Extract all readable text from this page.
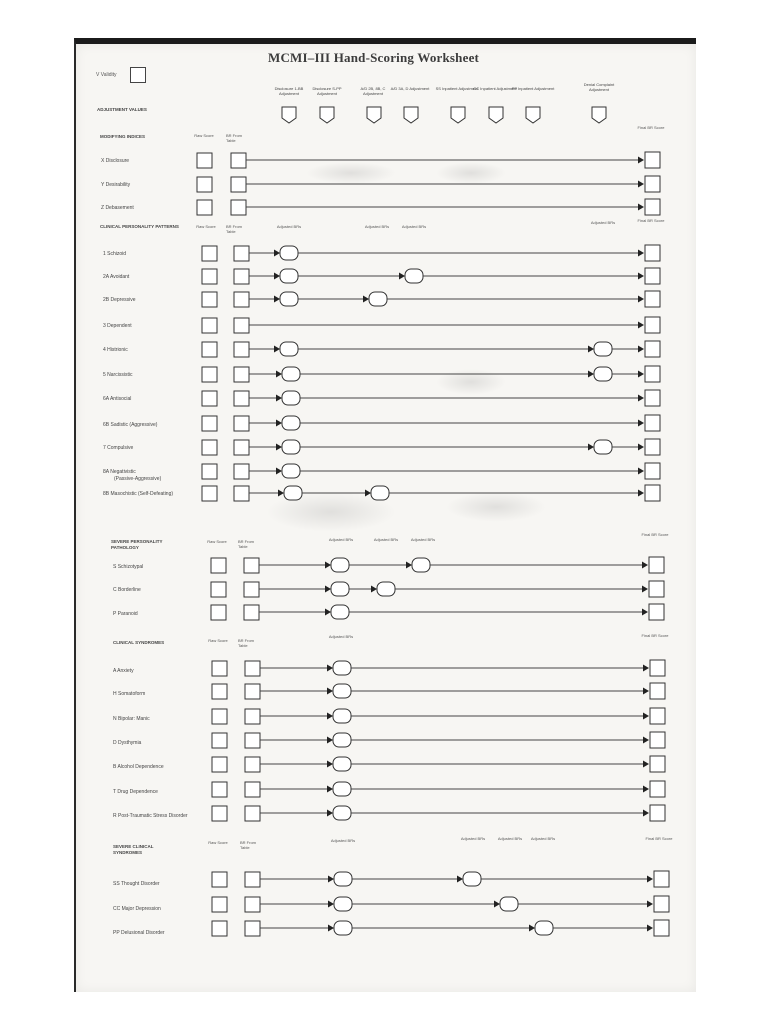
MCMI–III Hand-Scoring Worksheet
V Validity
ADJUSTMENT VALUES
Disclosure 1-BB Adjustment
Disclosure S-PP Adjustment
A/D 2B, 8B, C Adjustment
A/D 3A, D Adjustment	SS Inpatient Adjustment
CC Inpatient Adjustment
PP Inpatient Adjustment
Denial Complaint Adjustment
MODIFYING INDICES	Raw Score	BR From Table
Final BR Score
X Disclosure
Y Desirability
Z Debasement
CLINICAL PERSONALITY PATTERNS	Raw Score	BR From Table
Adjusted BRs	Adjusted BRs	Adjusted BRs
Adjusted BRs	Final BR Score
1 Schizoid
2A Avoidant
2B Depressive
3 Dependent
4 Histrionic
5 Narcissistic
6A Antisocial
6B Sadistic (Aggressive)
7 Compulsive
8A Negativistic
(Passive-Aggressive)
8B Masochistic (Self-Defeating)
SEVERE PERSONALITY PATHOLOGY
Raw Score	BR From Table
Adjusted BRs	Adjusted BRs	Adjusted BRs
Final BR Score
S Schizotypal
C Borderline
P Paranoid
CLINICAL SYNDROMES	Raw Score	BR From Table
Adjusted BRs	Final BR Score
A Anxiety
H Somatoform
N Bipolar: Manic
D Dysthymia
B Alcohol Dependence
T Drug Dependence
R Post-Traumatic Stress Disorder
SEVERE CLINICAL SYNDROMES
Raw Score	BR From Table
Adjusted BRs	Adjusted BRs	Adjusted BRs Adjusted BRs	Final BR Score
SS Thought Disorder
CC Major Depression
PP Delusional Disorder
